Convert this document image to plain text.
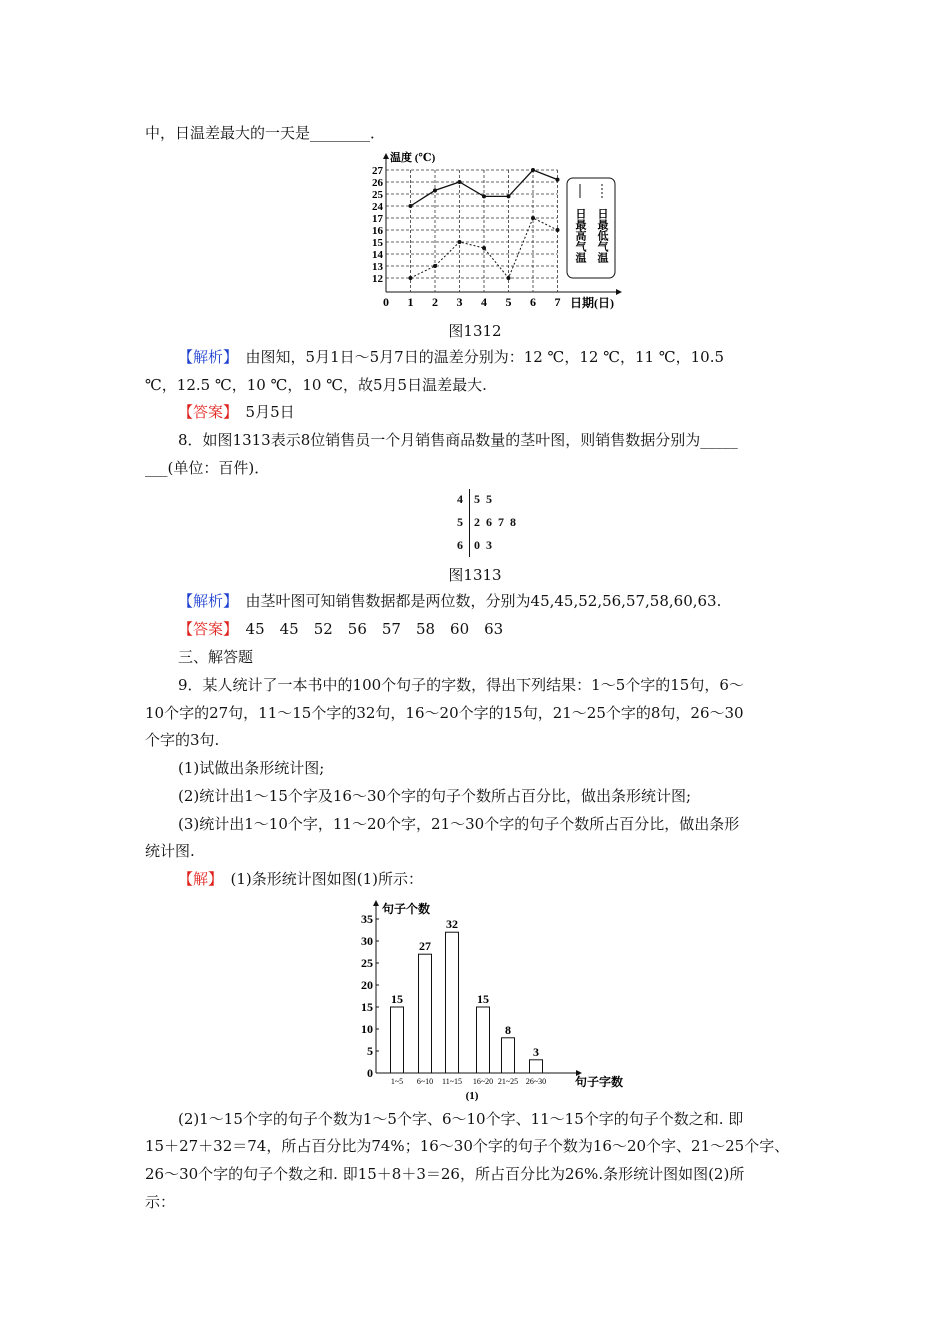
中，日温差最大的一天是________．
12
13
14
15
16
17
24
25
26
27
0 1 2 3 4 5 6 7
温度 (℃)
日期(日)
日最高气温 日最低气温
图1312
【解析】　 由图知，5月1日～5月7日的温差分别为：12 ℃，12 ℃，11 ℃，10.5
℃，12.5 ℃，10 ℃，10 ℃，故5月5日温差最大.
【答案】　 5月5日
8．如图1313表示8位销售员一个月销售商品数量的茎叶图，则销售数据分别为_____
___(单位：百件)．
4 5  5
5 2  6  7  8
6 0  3
图1313
【解析】　 由茎叶图可知销售数据都是两位数，分别为45,45,52,56,57,58,60,63.
【答案】　 45　45　52　56　57　58　60　63
三、解答题
9．某人统计了一本书中的100个句子的字数，得出下列结果：1～5个字的15句，6～
10个字的27句，11～15个字的32句，16～20个字的15句，21～25个字的8句，26～30
个字的3句.
(1)试做出条形统计图;
(2)统计出1～15个字及16～30个字的句子个数所占百分比，做出条形统计图;
(3)统计出1～10个字，11～20个字，21～30个字的句子个数所占百分比，做出条形
统计图.
【解】　 (1)条形统计图如图(1)所示：
0
5
10
15
20
25
30
35
15
1~5
27
6~10
32
11~15
15
16~20
8
21~25
3
26~30
句子个数
句子字数
(1)
(2)1～15个字的句子个数为1～5个字、6～10个字、11～15个字的句子个数之和. 即
15＋27＋32＝74，所占百分比为74%；16～30个字的句子个数为16～20个字、21～25个字、
26～30个字的句子个数之和. 即15＋8＋3＝26，所占百分比为26%.条形统计图如图(2)所
示：
